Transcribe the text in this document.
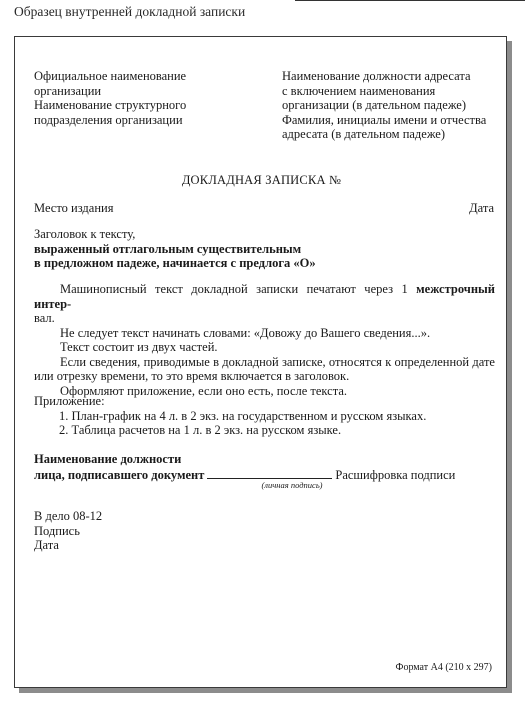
Образец внутренней докладной записки
Официальное наименование
организации
Наименование структурного
подразделения организации
Наименование должности адресата
с включением наименования
организации (в дательном падеже)
Фамилия, инициалы имени и отчества
адресата (в дательном падеже)
ДОКЛАДНАЯ ЗАПИСКА №
Место издания	Дата
Заголовок к тексту,
выраженный отглагольным существительным
в предложном падеже, начинается с предлога «О»

Машинописный текст докладной записки печатают через 1 межстрочный интер-
вал.

Не следует текст начинать словами: «Довожу до Вашего сведения...».

Текст состоит из двух частей.

Если сведения, приводимые в докладной записке, относятся к определенной дате или отрезку времени, то это время включается в заголовок.

Оформляют приложение, если оно есть, после текста.

Приложение:
1. План-график на 4 л. в 2 экз. на государственном и русском языках.
2. Таблица расчетов на 1 л. в 2 экз. на русском языке.
Наименование должности
лица, подписавшего документ	Расшифровка подписи
(личная подпись)
В дело 08-12
Подпись
Дата
Формат А4 (210 х 297)
